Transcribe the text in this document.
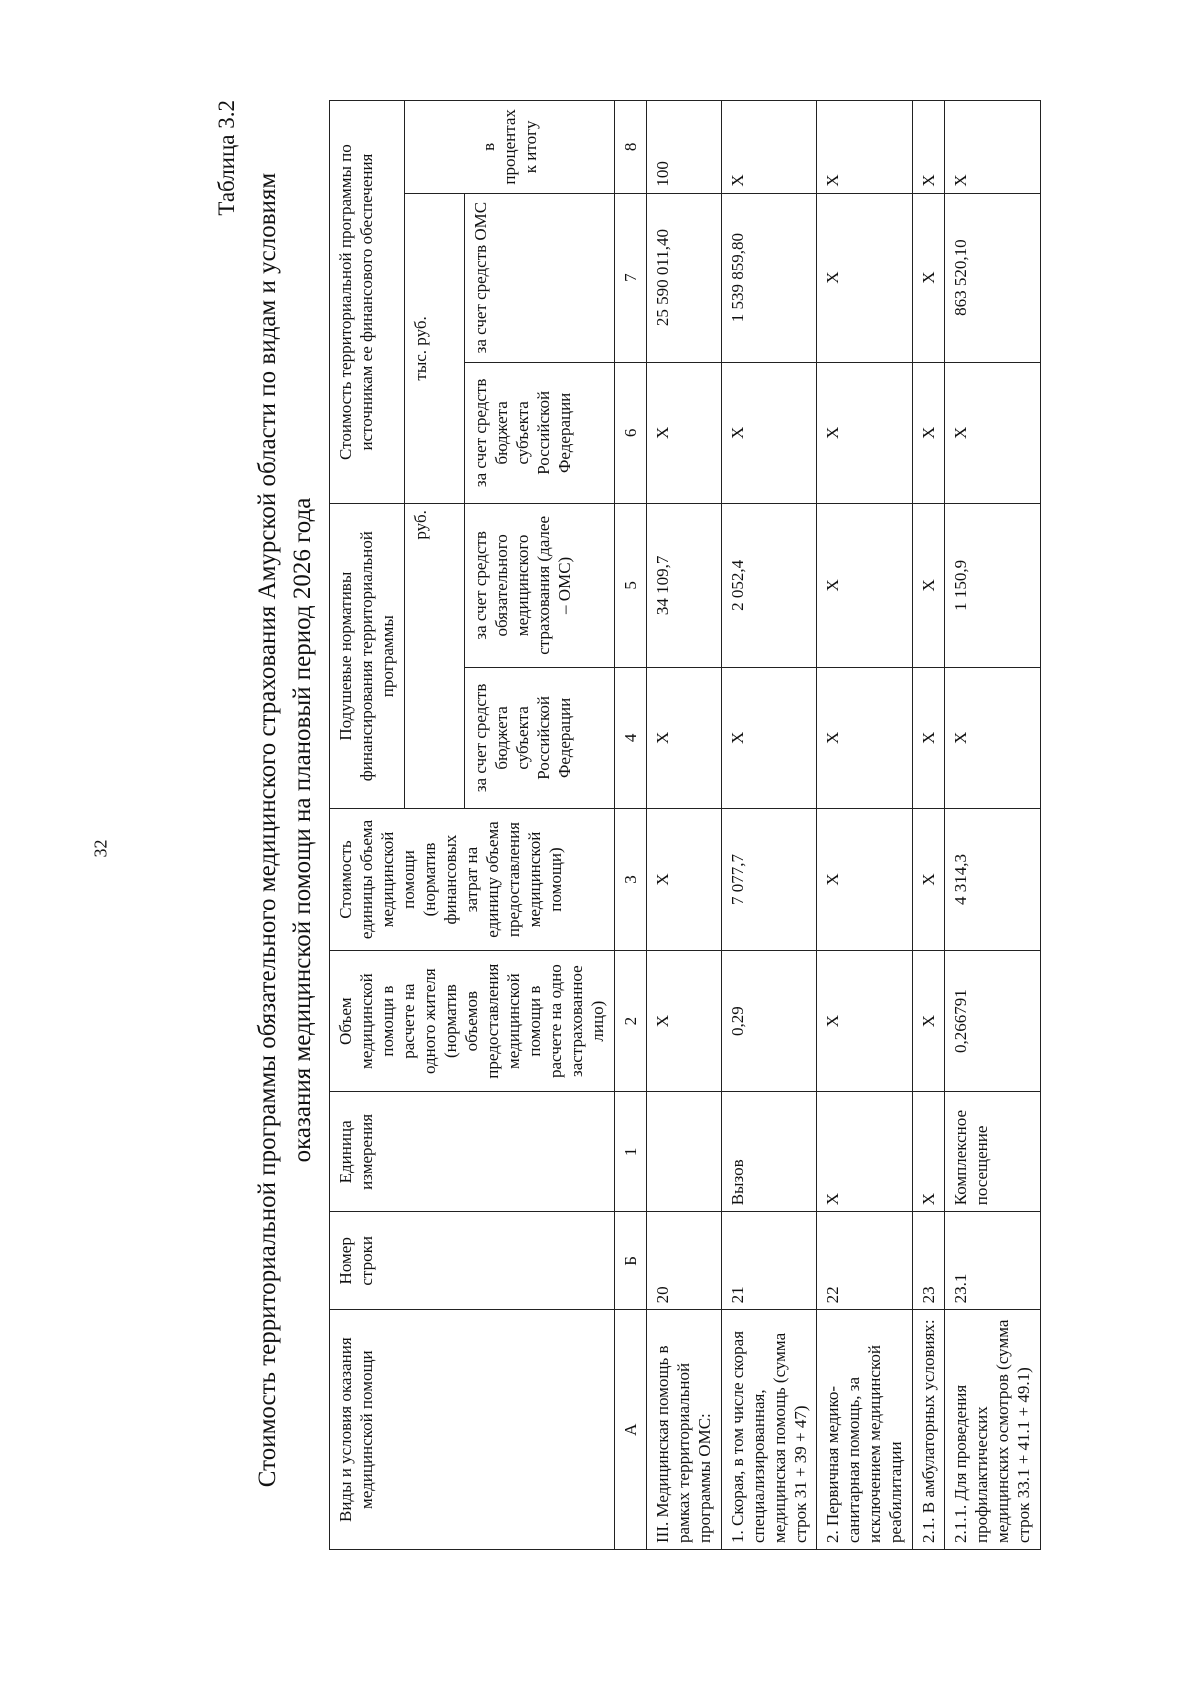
32
Таблица 3.2
Стоимость территориальной программы обязательного медицинского страхования Амурской области по видам и условиям оказания медицинской помощи на плановый период 2026 года
Виды и условия оказания медицинской помощи	Номер строки	Единица измерения	Объем медицинской помощи в расчете на одного жителя (норматив объемов предоставления медицинской помощи в расчете на одно застрахованное лицо)	Стоимость единицы объема медицинской помощи (норматив финансовых затрат на единицу объема предоставления медицинской помощи)	Подушевые нормативы финансирования территориальной программы		Стоимость территориальной программы по источникам ее финансового обеспечения		
					руб.		тыс. руб.		в процентах к итогу
					за счет средств бюджета субъекта Российской Федерации	за счет средств обязательного медицинского страхования (далее – ОМС)	за счет средств бюджета субъекта Российской Федерации	за счет средств ОМС	
А	Б	1	2	3	4	5	6	7	8
III. Медицинская помощь в рамках территориальной программы ОМС:	20		Х	Х	Х	34 109,7	Х	25 590 011,40	100
1. Скорая, в том числе скорая специализированная, медицинская помощь (сумма строк 31 + 39 + 47)	21	Вызов	0,29	7 077,7	Х	2 052,4	Х	1 539 859,80	Х
2. Первичная медико-санитарная помощь, за исключением медицинской реабилитации	22	Х	Х	Х	Х	Х	Х	Х	Х
2.1. В амбулаторных условиях:	23	Х	Х	Х	Х	Х	Х	Х	Х
2.1.1. Для проведения профилактических медицинских осмотров (сумма строк 33.1 + 41.1 + 49.1)	23.1	Комплексное посещение	0,266791	4 314,3	Х	1 150,9	Х	863 520,10	Х
